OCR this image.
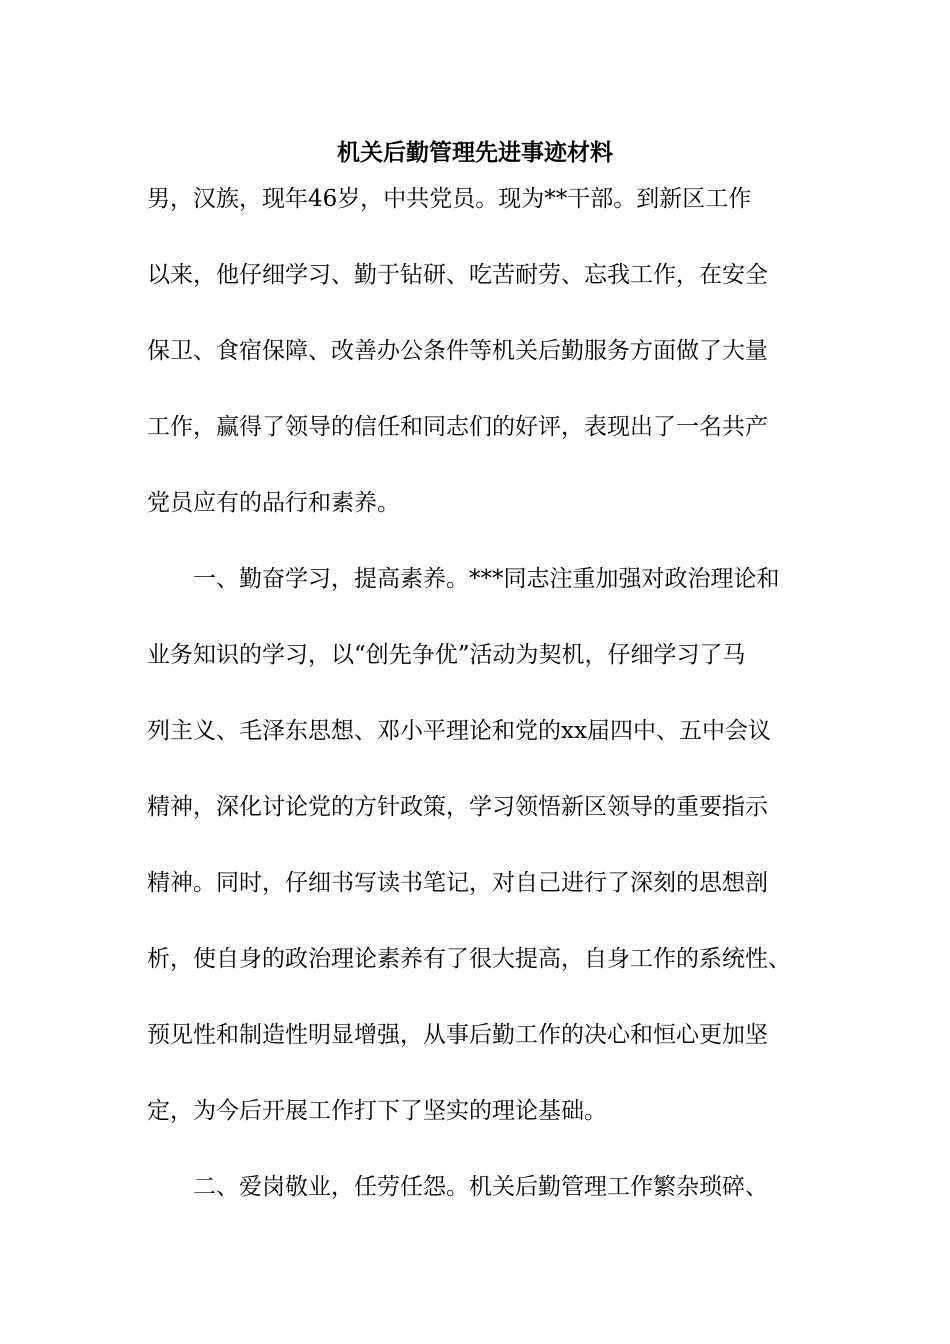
机关后勤管理先进事迹材料
男，汉族，现年46岁，中共党员。现为**干部。到新区工作
以来，他仔细学习、勤于钻研、吃苦耐劳、忘我工作，在安全
保卫、食宿保障、改善办公条件等机关后勤服务方面做了大量
工作，赢得了领导的信任和同志们的好评，表现出了一名共产
党员应有的品行和素养。
一、勤奋学习，提高素养。***同志注重加强对政治理论和
业务知识的学习，以“创先争优”活动为契机，仔细学习了马
列主义、毛泽东思想、邓小平理论和党的xx届四中、五中会议
精神，深化讨论党的方针政策，学习领悟新区领导的重要指示
精神。同时，仔细书写读书笔记，对自己进行了深刻的思想剖
析，使自身的政治理论素养有了很大提高，自身工作的系统性、
预见性和制造性明显增强，从事后勤工作的决心和恒心更加坚
定，为今后开展工作打下了坚实的理论基础。
二、爱岗敬业，任劳任怨。机关后勤管理工作繁杂琐碎、
